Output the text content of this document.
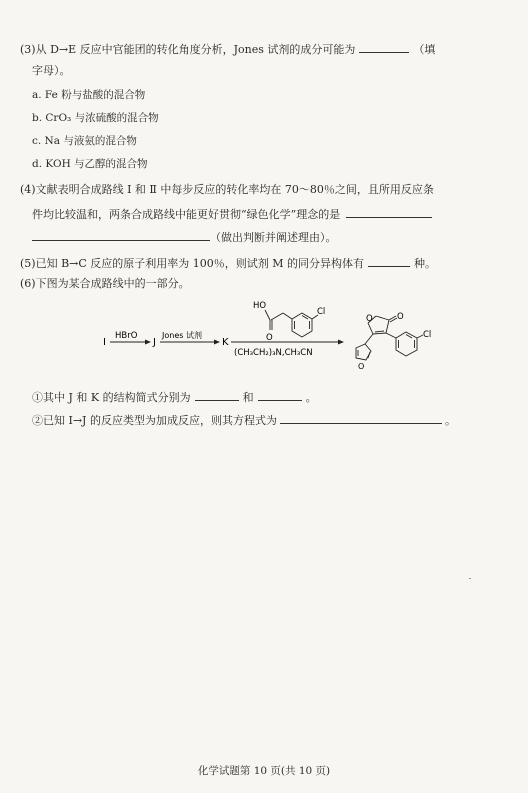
(3)从 D→E 反应中官能团的转化角度分析，Jones 试剂的成分可能为	（填
字母）。
a. Fe 粉与盐酸的混合物
b. CrO₃ 与浓硫酸的混合物
c. Na 与液氨的混合物
d. KOH 与乙醇的混合物
(4)文献表明合成路线 Ⅰ 和 Ⅱ 中每步反应的转化率均在 70～80％之间，且所用反应条
件均比较温和，两条合成路线中能更好贯彻“绿色化学”理念的是
（做出判断并阐述理由）。
(5)已知 B→C 反应的原子利用率为 100％，则试剂 M 的同分异构体有	种。
(6)下图为某合成路线中的一部分。
I
HBrO
J
Jones 试剂
K
(CH₃CH₂)₃N,CH₃CN
HO
O
Cl
O	O
O
Cl
①其中 J 和 K 的结构简式分别为	和	。
②已知 I→J 的反应类型为加成反应，则其方程式为	。
化学试题第 10 页(共 10 页)
